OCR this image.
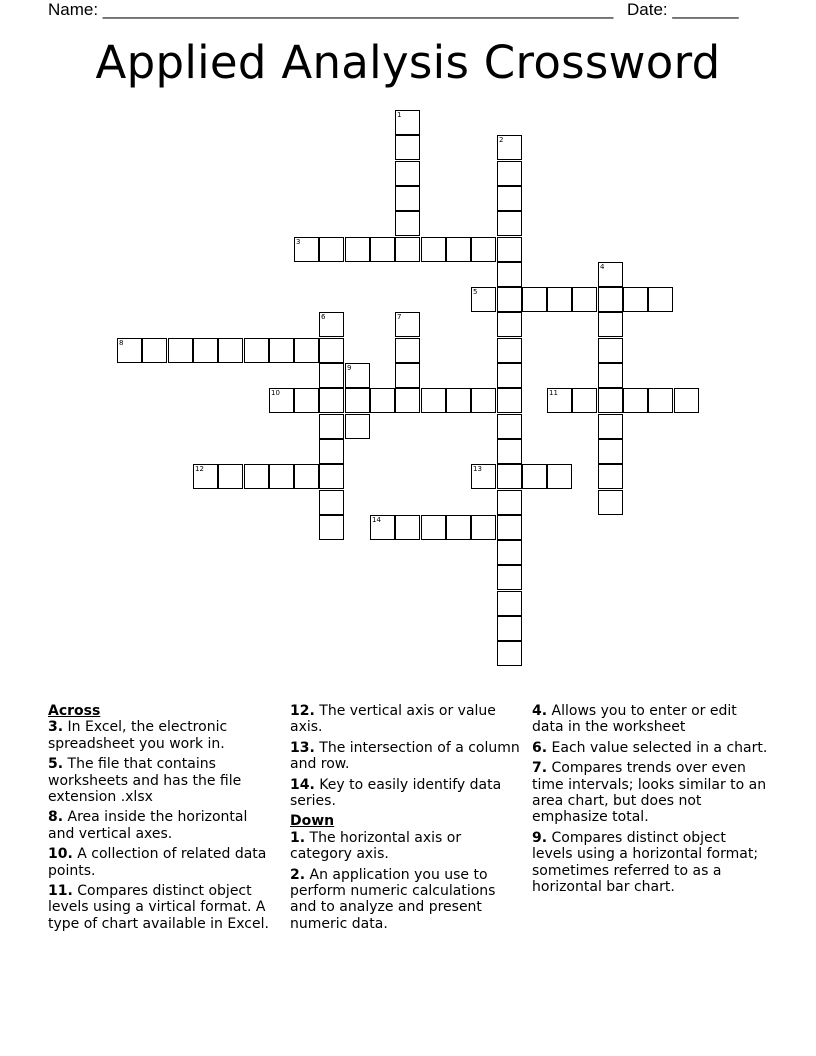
Name: ______________________________________________________ Date: _______
Applied Analysis Crossword
1
2
3
4
5
6	7
8
9
10	11
12	13
14
Across
3. In Excel, the electronic spreadsheet you work in.
5. The file that contains worksheets and has the file extension .xlsx
8. Area inside the horizontal and vertical axes.
10. A collection of related data points.
11. Compares distinct object levels using a virtical format. A type of chart available in Excel.
12. The vertical axis or value axis.
13. The intersection of a column and row.
14. Key to easily identify data series.
Down
1. The horizontal axis or category axis.
2. An application you use to perform numeric calculations and to analyze and present numeric data.
4. Allows you to enter or edit data in the worksheet
6. Each value selected in a chart.
7. Compares trends over even time intervals; looks similar to an area chart, but does not emphasize total.
9. Compares distinct object levels using a horizontal format; sometimes referred to as a horizontal bar chart.
